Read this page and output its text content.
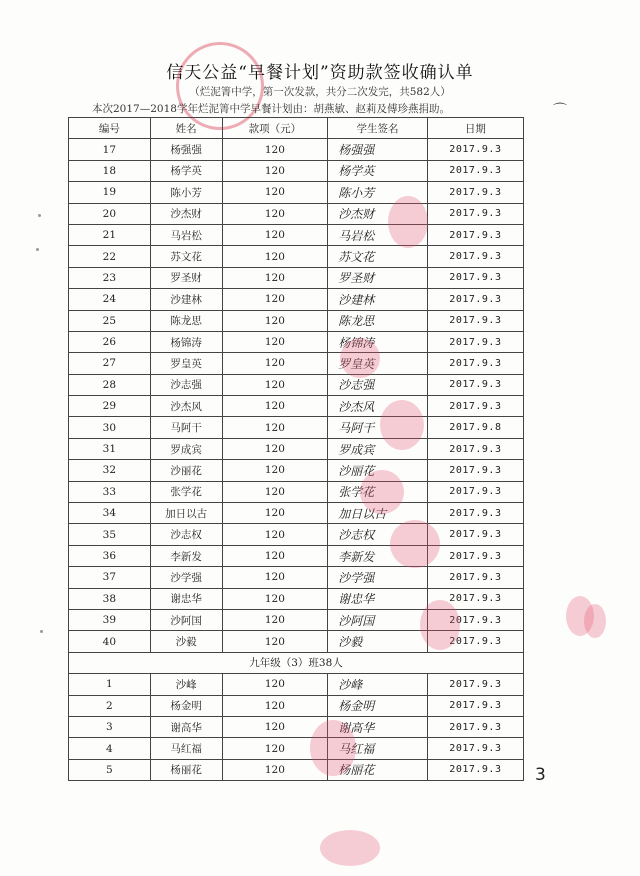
信天公益“早餐计划”资助款签收确认单
（烂泥箐中学，第一次发款，共分二次发完，共582人）
本次2017—2018学年烂泥箐中学早餐计划由：胡燕敏、赵莉及傅珍燕捐助。	⌒
编号	姓名	款项（元）	学生签名	日期
17	杨强强	120	杨强强	2017.9.3
18	杨学英	120	杨学英	2017.9.3
19	陈小芳	120	陈小芳	2017.9.3
20	沙杰财	120	沙杰财	2017.9.3
21	马岩松	120	马岩松	2017.9.3
22	苏文花	120	苏文花	2017.9.3
23	罗圣财	120	罗圣财	2017.9.3
24	沙建林	120	沙建林	2017.9.3
25	陈龙思	120	陈龙思	2017.9.3
26	杨锦涛	120	杨锦涛	2017.9.3
27	罗皇英	120	罗皇英	2017.9.3
28	沙志强	120	沙志强	2017.9.3
29	沙杰风	120	沙杰风	2017.9.3
30	马阿干	120	马阿干	2017.9.8
31	罗成宾	120	罗成宾	2017.9.3
32	沙丽花	120	沙丽花	2017.9.3
33	张学花	120	张学花	2017.9.3
34	加日以古	120	加日以古	2017.9.3
35	沙志权	120	沙志权	2017.9.3
36	李新发	120	李新发	2017.9.3
37	沙学强	120	沙学强	2017.9.3
38	谢忠华	120	谢忠华	2017.9.3
39	沙阿国	120	沙阿国	2017.9.3
40	沙毅	120	沙毅	2017.9.3
九年级（3）班38人				
1	沙峰	120	沙峰	2017.9.3
2	杨金明	120	杨金明	2017.9.3
3	谢高华	120	谢高华	2017.9.3
4	马红福	120	马红福	2017.9.3
5	杨丽花	120	杨丽花	2017.9.3 3
